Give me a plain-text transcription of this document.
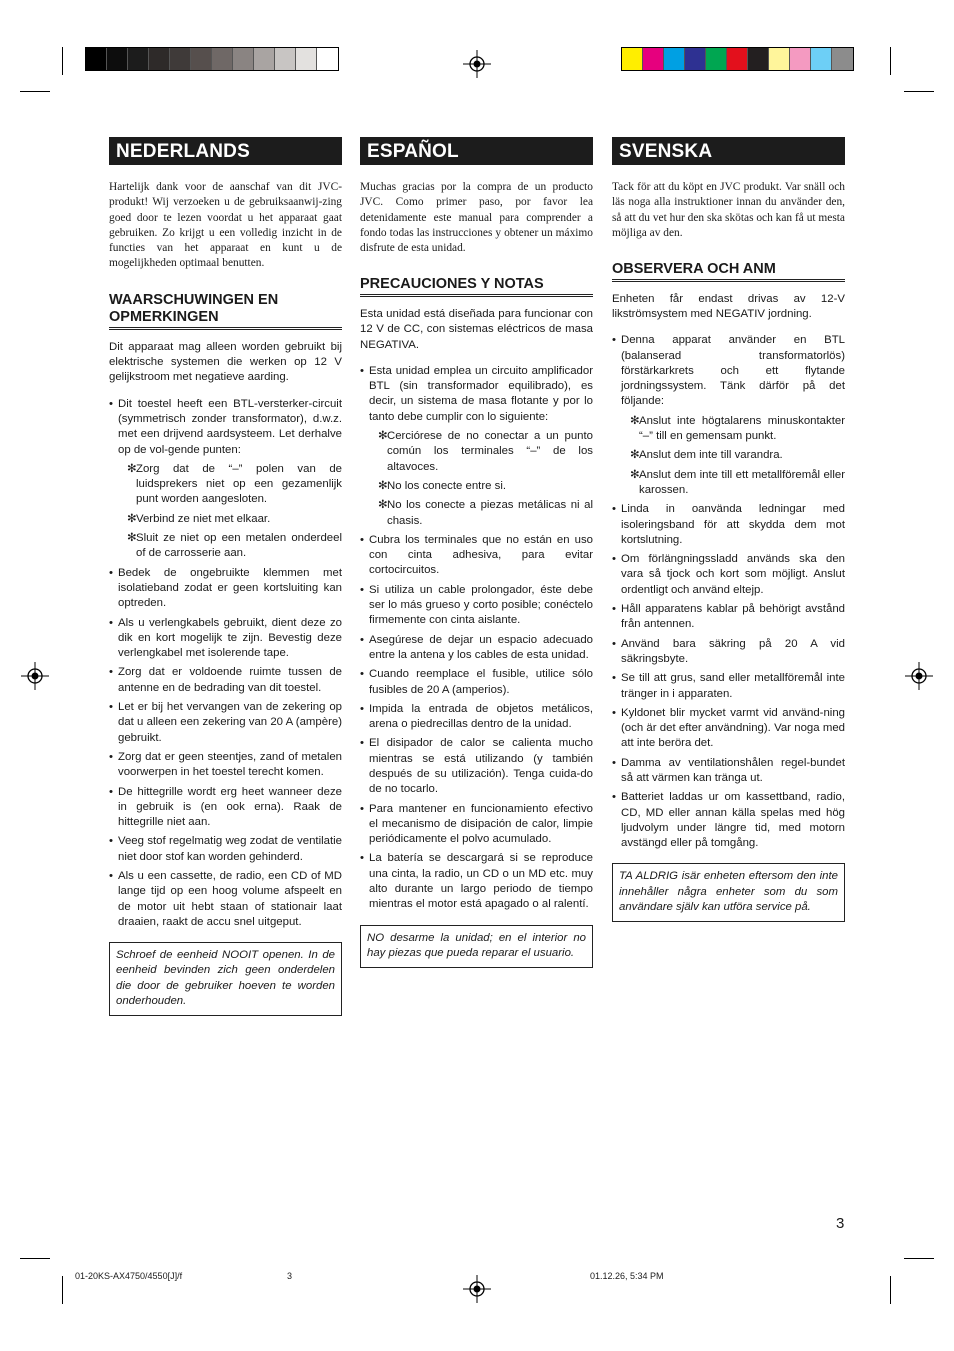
NEDERLANDS

Hartelijk dank voor de aanschaf van dit JVC-produkt! Wij verzoeken u de gebruiksaanwij-zing goed door te lezen voordat u het apparaat gaat gebruiken. Zo krijgt u een volledig inzicht in de functies van het apparaat en kunt u de mogelijkheden optimaal benutten.

WAARSCHUWINGEN EN OPMERKINGEN

Dit apparaat mag alleen worden gebruikt bij elektrische systemen die werken op 12 V gelijkstroom met negatieve aarding.

• Dit toestel heeft een BTL-versterker-circuit (symmetrisch zonder transformator), d.w.z. met een drijvend aardsysteem. Let derhalve op de vol-gende punten:
✻ Zorg dat de “–” polen van de luidsprekers niet op een gezamenlijk punt worden aangesloten.
✻ Verbind ze niet met elkaar.
✻ Sluit ze niet op een metalen onderdeel of de carrosserie aan.
• Bedek de ongebruikte klemmen met isolatieband zodat er geen kortsluiting kan optreden.
• Als u verlengkabels gebruikt, dient deze zo dik en kort mogelijk te zijn. Bevestig deze verlengkabel met isolerende tape.
• Zorg dat er voldoende ruimte tussen de antenne en de bedrading van dit toestel.
• Let er bij het vervangen van de zekering op dat u alleen een zekering van 20 A (ampère) gebruikt.
• Zorg dat er geen steentjes, zand of metalen voorwerpen in het toestel terecht komen.
• De hittegrille wordt erg heet wanneer deze in gebruik is (en ook erna). Raak de hittegrille niet aan.
• Veeg stof regelmatig weg zodat de ventilatie niet door stof kan worden gehinderd.
• Als u een cassette, de radio, een CD of MD lange tijd op een hoog volume afspeelt en de motor uit hebt staan of stationair laat draaien, raakt de accu snel uitgeput.
Schroef de eenheid NOOIT openen. In de eenheid bevinden zich geen onderdelen die door de gebruiker hoeven te worden onderhouden.
ESPAÑOL

Muchas gracias por la compra de un producto JVC. Como primer paso, por favor lea detenidamente este manual para comprender a fondo todas las instrucciones y obtener un máximo disfrute de esta unidad.

PRECAUCIONES Y NOTAS

Esta unidad está diseñada para funcionar con 12 V de CC, con sistemas eléctricos de masa NEGATIVA.

• Esta unidad emplea un circuito amplificador BTL (sin transformador equilibrado), es decir, un sistema de masa flotante y por lo tanto debe cumplir con lo siguiente:
✻ Cerciórese de no conectar a un punto común los terminales “–” de los altavoces.
✻ No los conecte entre si.
✻ No los conecte a piezas metálicas ni al chasis.
• Cubra los terminales que no están en uso con cinta adhesiva, para evitar cortocircuitos.
• Si utiliza un cable prolongador, éste debe ser lo más grueso y corto posible; conéctelo firmemente con cinta aislante.
• Asegúrese de dejar un espacio adecuado entre la antena y los cables de esta unidad.
• Cuando reemplace el fusible, utilice sólo fusibles de 20 A (amperios).
• Impida la entrada de objetos metálicos, arena o piedrecillas dentro de la unidad.
• El disipador de calor se calienta mucho mientras se está utilizando (y también después de su utilización). Tenga cuida-do de no tocarlo.
• Para mantener en funcionamiento efectivo el mecanismo de disipación de calor, limpie periódicamente el polvo acumulado.
• La batería se descargará si se reproduce una cinta, la radio, un CD o un MD etc. muy alto durante un largo periodo de tiempo mientras el motor está apagado o al ralentí.
NO desarme la unidad; en el interior no hay piezas que pueda reparar el usuario.
SVENSKA

Tack för att du köpt en JVC produkt. Var snäll och läs noga alla instruktioner innan du använder den, så att du vet hur den ska skötas och kan få ut mesta möjliga av den.

OBSERVERA OCH ANM

Enheten får endast drivas av 12-V likströmsystem med NEGATIV jordning.

• Denna apparat använder en BTL (balanserad transformatorlös) förstärkarkrets och ett flytande jordningssystem. Tänk därför på det följande:
✻ Anslut inte högtalarens minuskontakter “–” till en gemensam punkt.
✻ Anslut dem inte till varandra.
✻ Anslut dem inte till ett metallföremål eller karossen.
• Linda in oanvända ledningar med isoleringsband för att skydda dem mot kortslutning.
• Om förlängningssladd används ska den vara så tjock och kort som möjligt. Anslut ordentligt och använd eltejp.
• Håll apparatens kablar på behörigt avstånd från antennen.
• Använd bara säkring på 20 A vid säkringsbyte.
• Se till att grus, sand eller metallföremål inte tränger in i apparaten.
• Kyldonet blir mycket varmt vid använd-ning (och är det efter användning). Var noga med att inte beröra det.
• Damma av ventilationshålen regel-bundet så att värmen kan tränga ut.
• Batteriet laddas ur om kassettband, radio, CD, MD eller annan källa spelas med hög ljudvolym under längre tid, med motorn avstängd eller på tomgång.
TA ALDRIG isär enheten eftersom den inte innehåller några enheter som du som användare själv kan utföra service på.
3
01-20KS-AX4750/4550[J]/f	3	01.12.26, 5:34 PM
